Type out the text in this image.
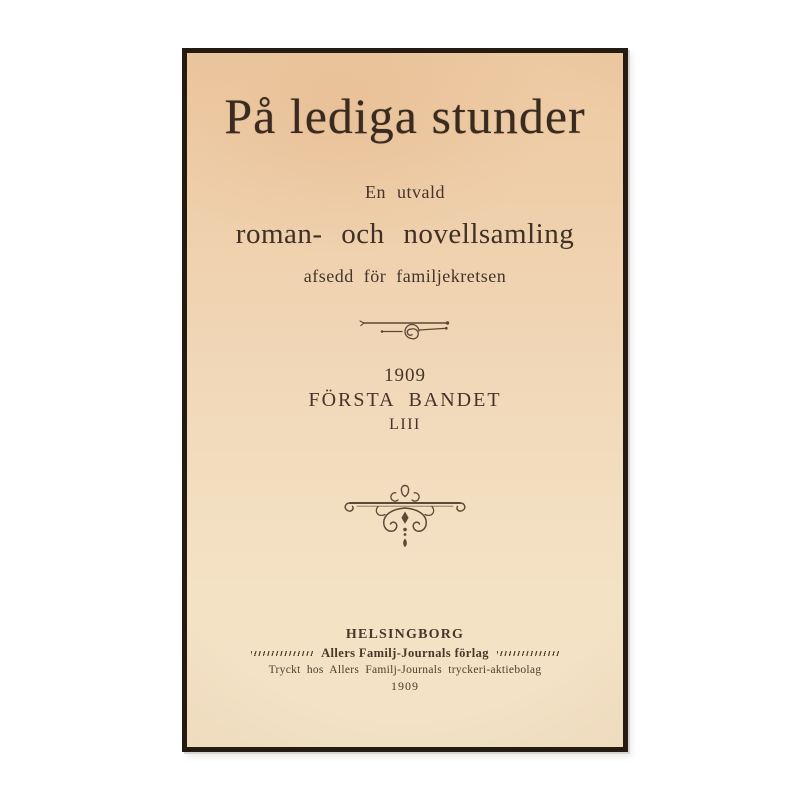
På lediga stunder
En utvald
roman- och novellsamling
afsedd för familjekretsen
1909
FÖRSTA BANDET
LIII
HELSINGBORG
Allers Familj-Journals förlag
Tryckt hos Allers Familj-Journals tryckeri-aktiebolag
1909
